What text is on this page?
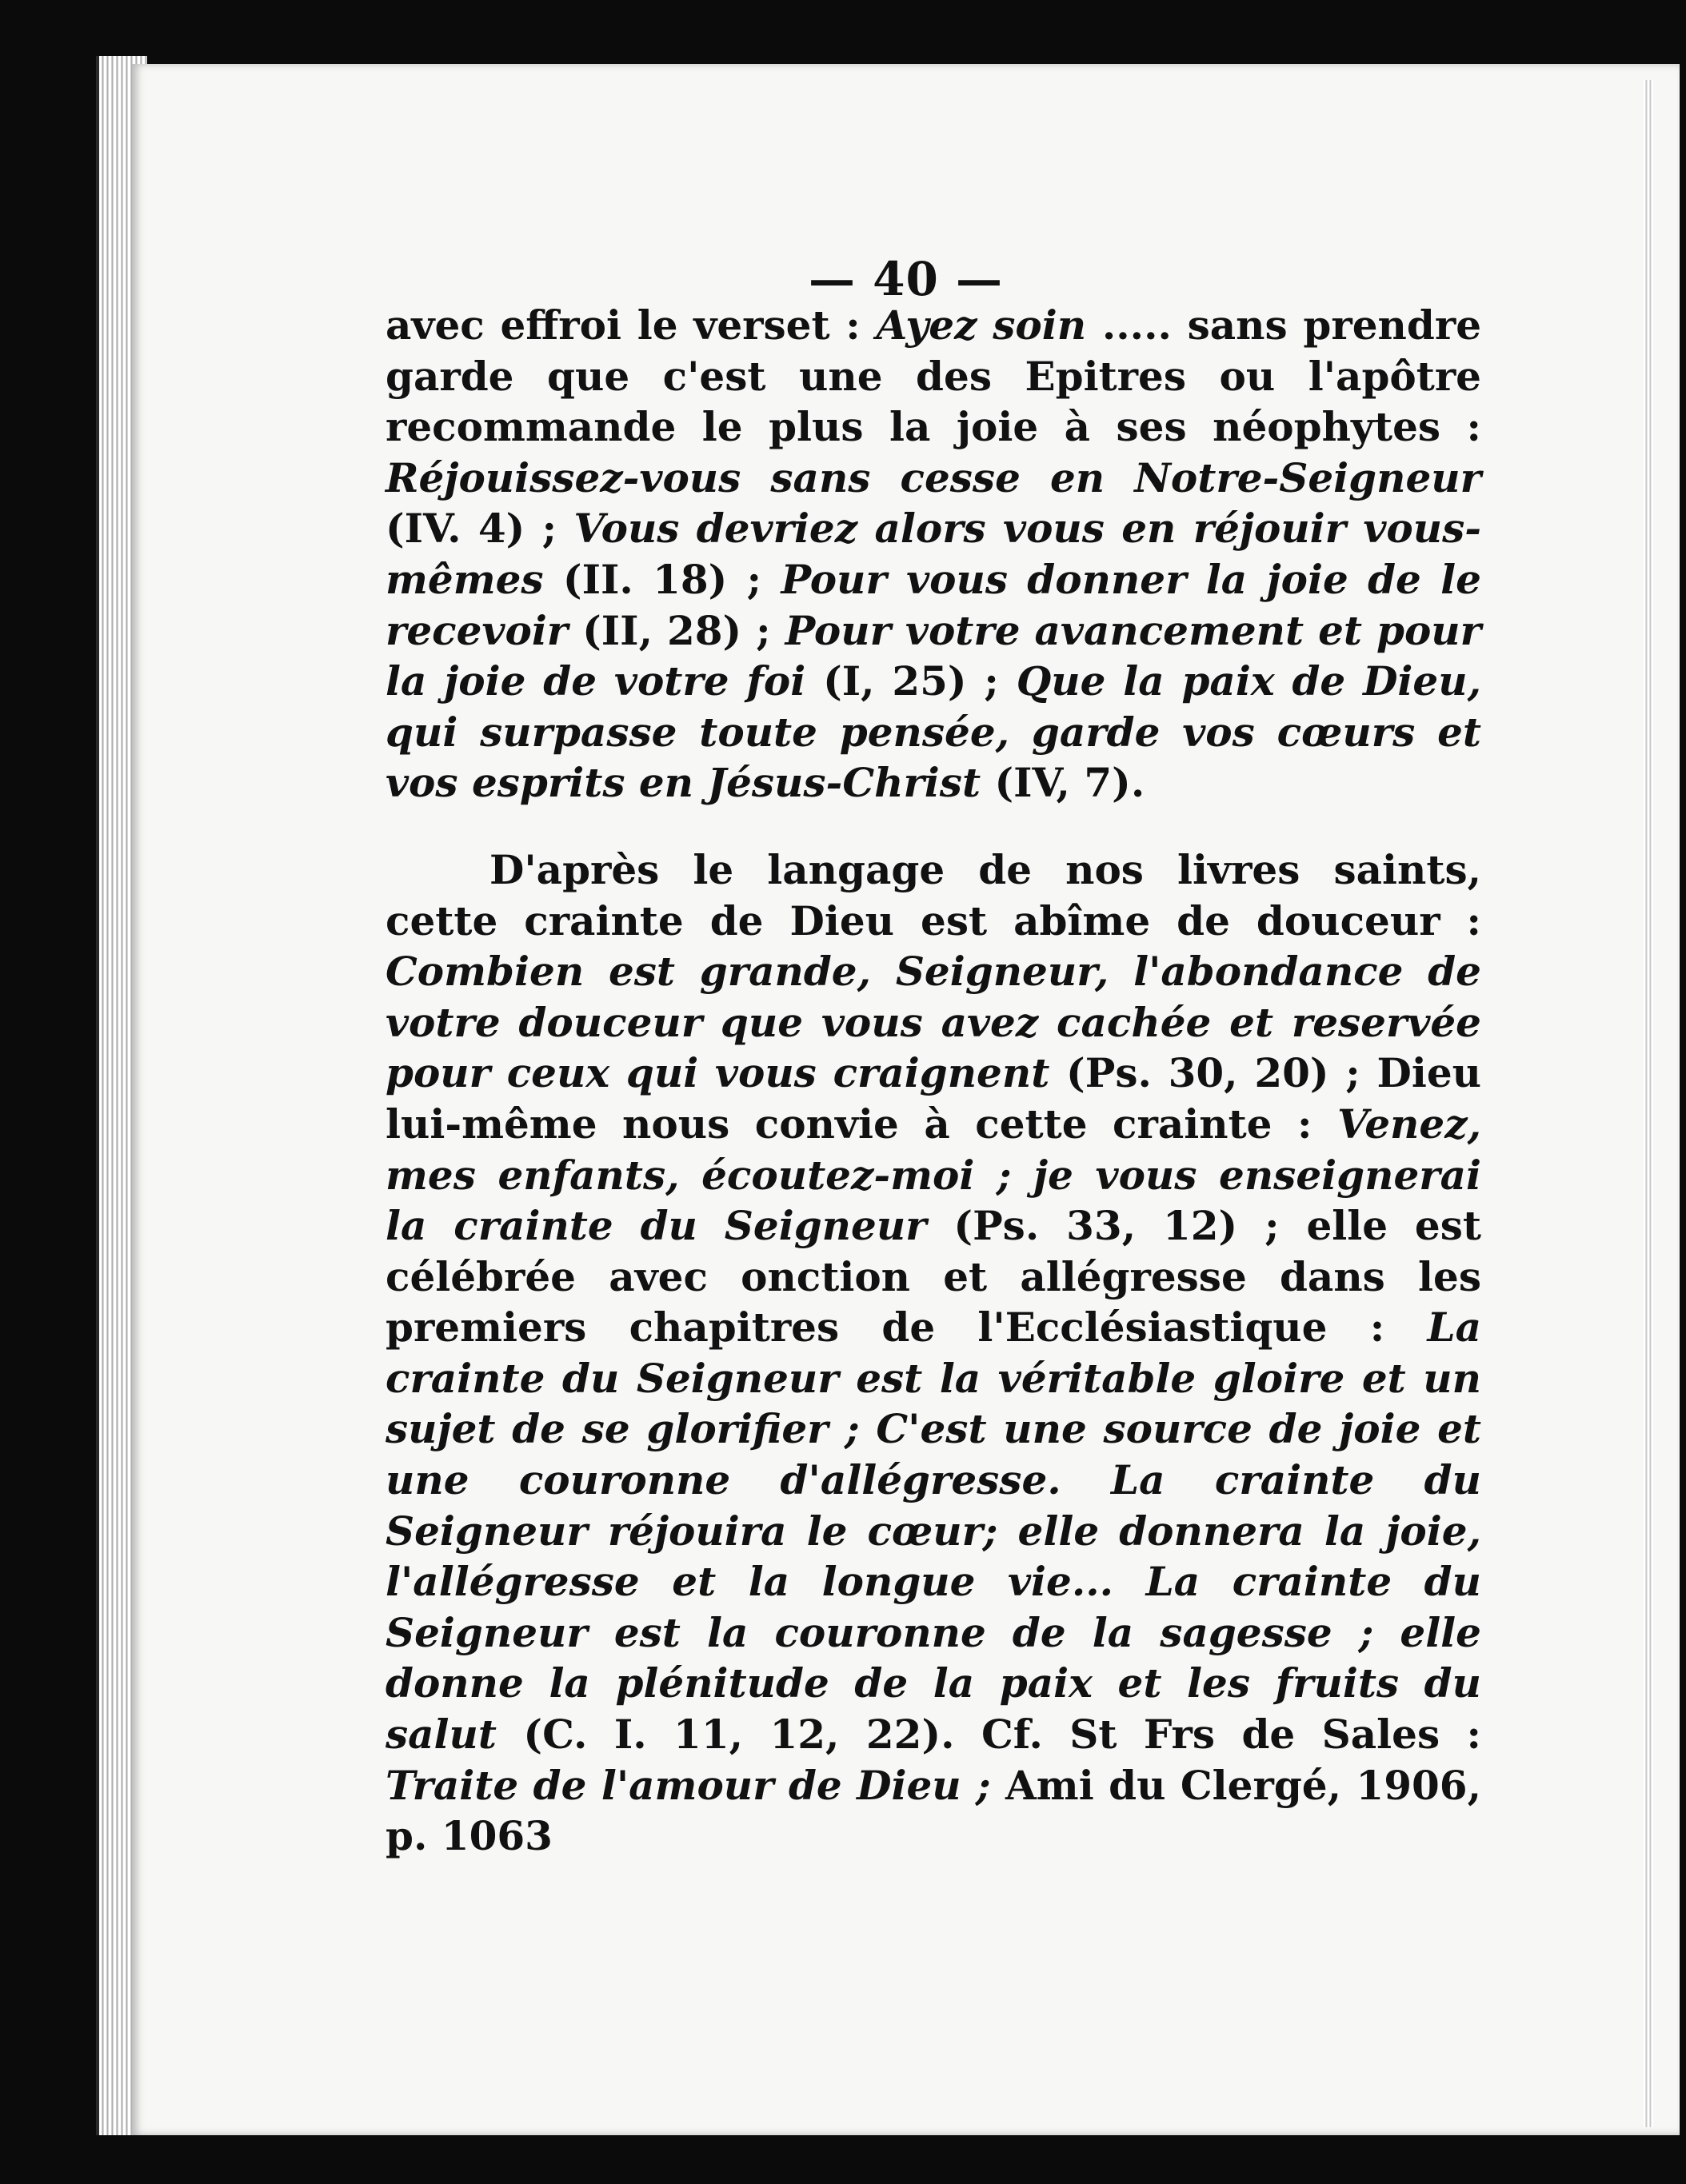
— 40 —

avec effroi le verset : Ayez soin ..... sans prendre garde que c'est une des Epitres ou l'apôtre recommande le plus la joie à ses néophytes : Réjouissez-vous sans cesse en Notre-Seigneur (IV. 4) ; Vous devriez alors vous en réjouir vous-mêmes (II. 18) ; Pour vous donner la joie de le recevoir (II, 28) ; Pour votre avancement et pour la joie de votre foi (I, 25) ; Que la paix de Dieu, qui surpasse toute pensée, garde vos cœurs et vos esprits en Jésus-Christ (IV, 7).

D'après le langage de nos livres saints, cette crainte de Dieu est abîme de douceur : Combien est grande, Seigneur, l'abondance de votre douceur que vous avez cachée et reservée pour ceux qui vous craignent (Ps. 30, 20) ; Dieu lui-même nous convie à cette crainte : Venez, mes enfants, écoutez-moi ; je vous enseignerai la crainte du Seigneur (Ps. 33, 12) ; elle est célébrée avec onction et allégresse dans les premiers chapitres de l'Ecclésiastique : La crainte du Seigneur est la véritable gloire et un sujet de se glorifier ; C'est une source de joie et une couronne d'allégresse. La crainte du Seigneur réjouira le cœur; elle donnera la joie, l'allégresse et la longue vie... La crainte du Seigneur est la couronne de la sagesse ; elle donne la plénitude de la paix et les fruits du salut (C. I. 11, 12, 22). Cf. St Frs de Sales : Traite de l'amour de Dieu ; Ami du Clergé, 1906, p. 1063
